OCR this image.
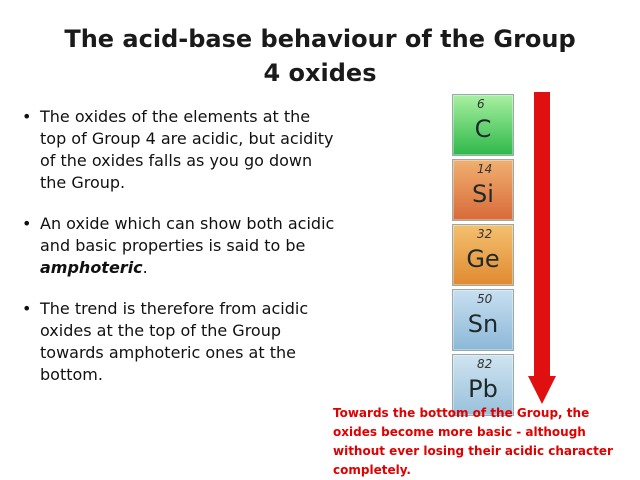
The acid-base behaviour of the Group
4 oxides
• The oxides of the elements at the top of Group 4 are acidic, but acidity of the oxides falls as you go down the Group.
• An oxide which can show both acidic and basic properties is said to be amphoteric.
• The trend is therefore from acidic oxides at the top of the Group towards amphoteric ones at the bottom.
6
C
14
Si
32
Ge
50
Sn
82
Pb
Towards the bottom of the Group, the oxides become more basic - although without ever losing their acidic character completely.
